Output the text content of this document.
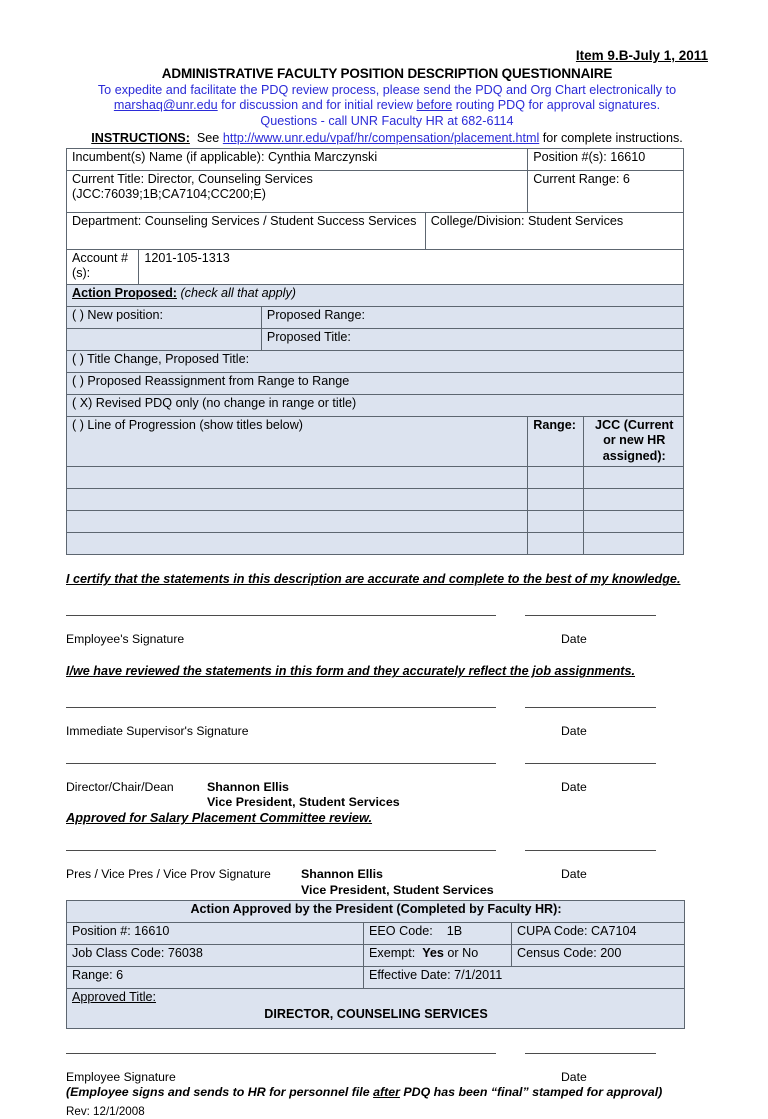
Item 9.B-July 1, 2011
ADMINISTRATIVE FACULTY POSITION DESCRIPTION QUESTIONNAIRE
To expedite and facilitate the PDQ review process, please send the PDQ and Org Chart electronically to
marshaq@unr.edu for discussion and for initial review before routing PDQ for approval signatures.
Questions - call UNR Faculty HR at 682-6114
INSTRUCTIONS: See http://www.unr.edu/vpaf/hr/compensation/placement.html for complete instructions.
Incumbent(s) Name (if applicable): Cynthia Marczynski				Position #(s): 16610	

Current Title: Director, Counseling Services
(JCC:76039;1B;CA7104;CC200;E)				Current Range: 6	
Department: Counseling Services / Student Success Services			College/Division: Student Services		
Account #(s):	1201-105-1313				
Action Proposed: (check all that apply)					
( ) New position:		Proposed Range:			
		Proposed Title:			
( ) Title Change, Proposed Title:					
( ) Proposed Reassignment from Range to Range					
( X) Revised PDQ only (no change in range or title)					
( ) Line of Progression (show titles below)				Range:	JCC (Current
or new HR
assigned):

I certify that the statements in this description are accurate and complete to the best of my knowledge.
Employee's Signature	Date
I/we have reviewed the statements in this form and they accurately reflect the job assignments.
Immediate Supervisor's Signature	Date
Director/Chair/Dean	Shannon Ellis	Date
Vice President, Student Services
Approved for Salary Placement Committee review.
Pres / Vice Pres / Vice Prov Signature Shannon Ellis	Date
Vice President, Student Services
Action Approved by the President (Completed by Faculty HR):		
Position #: 16610	EEO Code: 1B	CUPA Code: CA7104
Job Class Code: 76038	Exempt: Yes or No	Census Code: 200
Range: 6	Effective Date: 7/1/2011	
Approved Title:
DIRECTOR, COUNSELING SERVICES		
Employee Signature	Date
(Employee signs and sends to HR for personnel file after PDQ has been “final” stamped for approval)
Rev: 12/1/2008
